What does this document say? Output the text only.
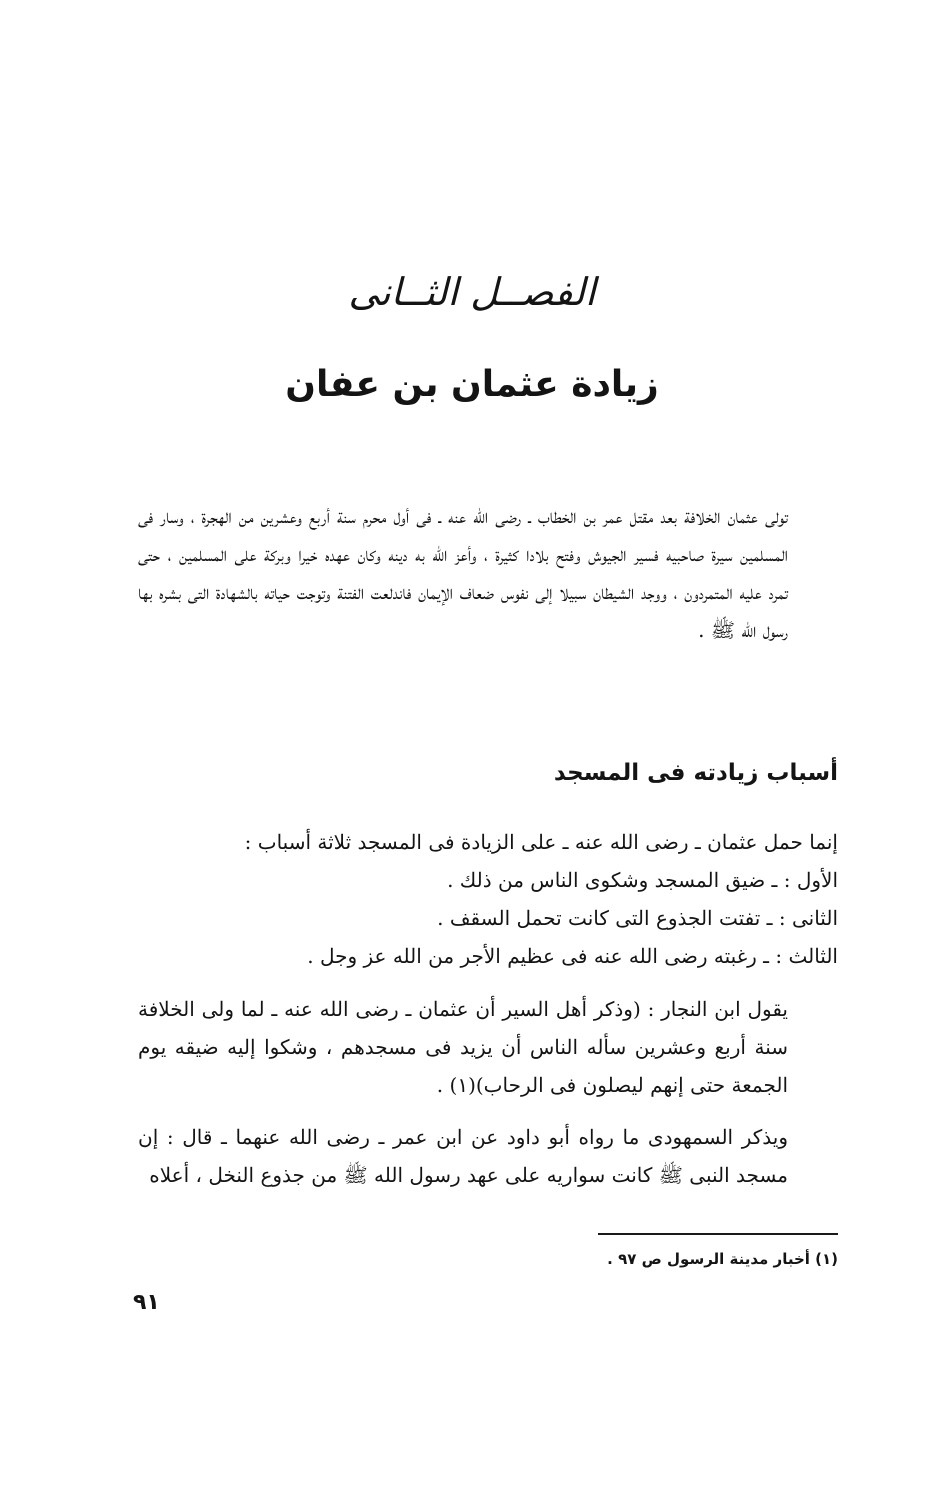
الفصــل الثــانى
زيادة عثمان بن عفان

تولى عثمان الخلافة بعد مقتل عمر بن الخطاب ـ رضى الله عنه ـ فى أول محرم سنة أربع وعشرين من الهجرة ، وسار فى المسلمين سيرة صاحبيه فسير الجيوش وفتح بلادا كثيرة ، وأعز الله به دينه وكان عهده خيرا وبركة على المسلمين ، حتى تمرد عليه المتمردون ، ووجد الشيطان سبيلا إلى نفوس ضعاف الإيمان فاندلعت الفتنة وتوجت حياته بالشهادة التى بشره بها رسول الله ﷺ .

أسباب زيادته فى المسجد
إنما حمل عثمان ـ رضى الله عنه ـ على الزيادة فى المسجد ثلاثة أسباب :
الأول : ـ ضيق المسجد وشكوى الناس من ذلك .
الثانى : ـ تفتت الجذوع التى كانت تحمل السقف .
الثالث : ـ رغبته رضى الله عنه فى عظيم الأجر من الله عز وجل .

يقول ابن النجار : (وذكر أهل السير أن عثمان ـ رضى الله عنه ـ لما ولى الخلافة سنة أربع وعشرين سأله الناس أن يزيد فى مسجدهم ، وشكوا إليه ضيقه يوم الجمعة حتى إنهم ليصلون فى الرحاب)(١) .

ويذكر السمهودى ما رواه أبو داود عن ابن عمر ـ رضى الله عنهما ـ قال : إن مسجد النبى ﷺ كانت سواريه على عهد رسول الله ﷺ من جذوع النخل ، أعلاه

(١) أخبار مدينة الرسول ص ٩٧ .
٩١
